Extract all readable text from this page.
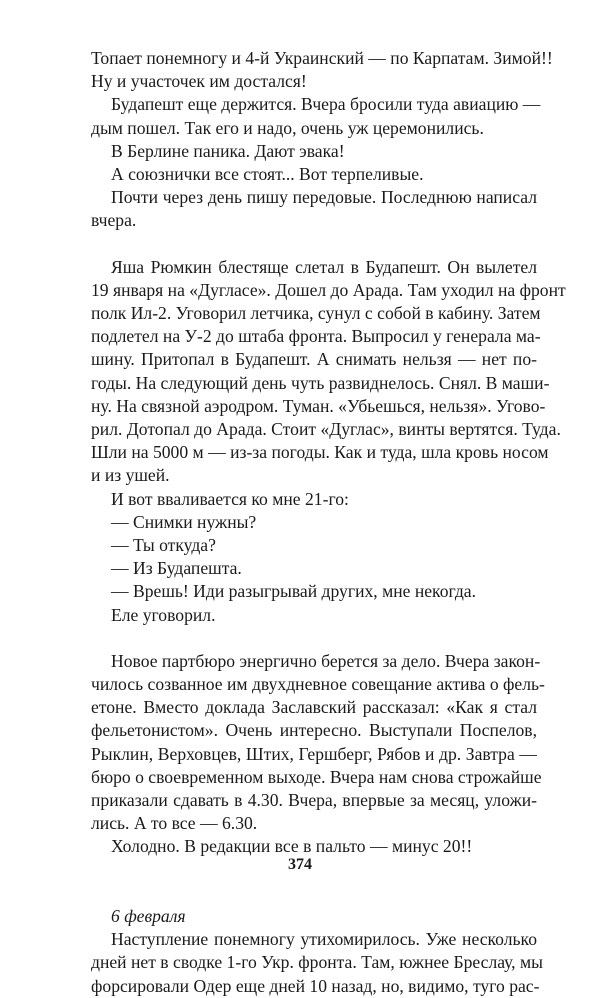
Топает понемногу и 4-й Украинский — по Карпатам. Зимой!!
Ну и участочек им достался!
Будапешт еще держится. Вчера бросили туда авиацию —
дым пошел. Так его и надо, очень уж церемонились.
В Берлине паника. Дают эвака!
А союзнички все стоят... Вот терпеливые.
Почти через день пишу передовые. Последнюю написал
вчера.
Яша Рюмкин блестяще слетал в Будапешт. Он вылетел
19 января на «Дугласе». Дошел до Арада. Там уходил на фронт
полк Ил-2. Уговорил летчика, сунул с собой в кабину. Затем
подлетел на У-2 до штаба фронта. Выпросил у генерала ма-
шину. Притопал в Будапешт. А снимать нельзя — нет по-
годы. На следующий день чуть развиднелось. Снял. В маши-
ну. На связной аэродром. Туман. «Убьешься, нельзя». Угово-
рил. Дотопал до Арада. Стоит «Дуглас», винты вертятся. Туда.
Шли на 5000 м — из-за погоды. Как и туда, шла кровь носом
и из ушей.
И вот вваливается ко мне 21-го:
— Снимки нужны?
— Ты откуда?
— Из Будапешта.
— Врешь! Иди разыгрывай других, мне некогда.
Еле уговорил.
Новое партбюро энергично берется за дело. Вчера закон-
чилось созванное им двухдневное совещание актива о фель-
етоне. Вместо доклада Заславский рассказал: «Как я стал
фельетонистом». Очень интересно. Выступали Поспелов,
Рыклин, Верховцев, Штих, Гершберг, Рябов и др. Завтра —
бюро о своевременном выходе. Вчера нам снова строжайше
приказали сдавать в 4.30. Вчера, впервые за месяц, уложи-
лись. А то все — 6.30.
Холодно. В редакции все в пальто — минус 20!!
6 февраля
Наступление понемногу утихомирилось. Уже несколько
дней нет в сводке 1-го Укр. фронта. Там, южнее Бреслау, мы
форсировали Одер еще дней 10 назад, но, видимо, туго рас-
374
